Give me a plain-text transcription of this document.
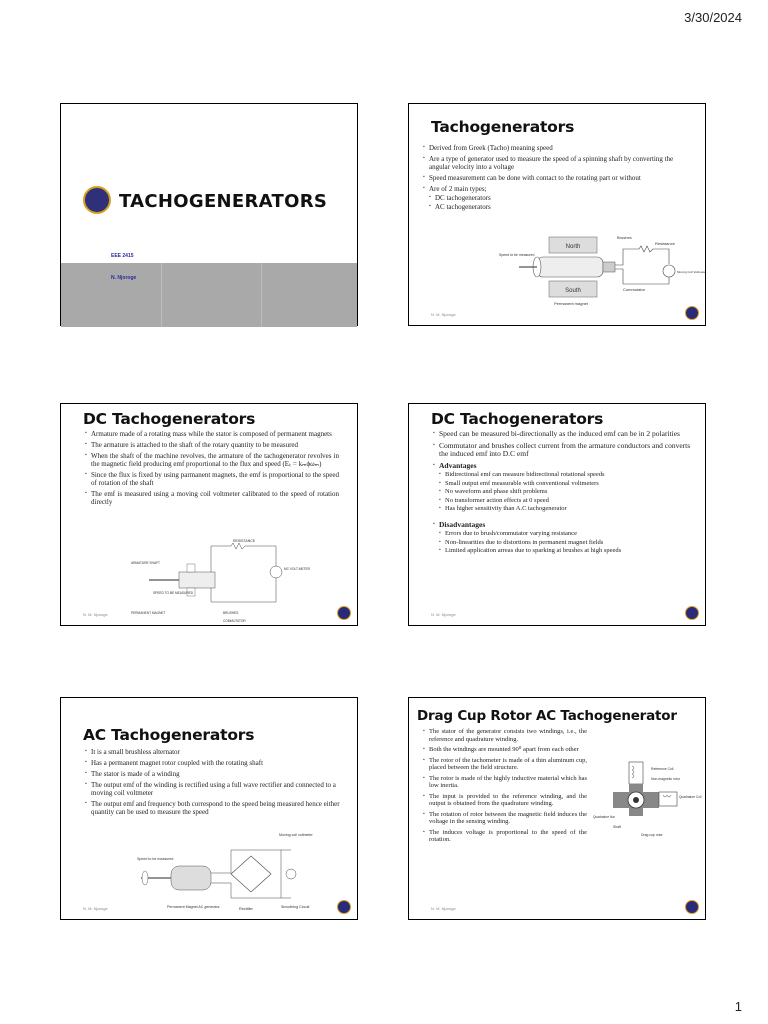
3/30/2024
TACHOGENERATORS
EEE 2415
N. Njoroge
Tachogenerators
▪ Derived from Greek (Tacho) meaning speed
▪ Are a type of generator used to measure the speed of a spinning shaft by converting the angular velocity into a voltage
▪ Speed measurement can be done with contact to the rotating part or without
▪ Are of 2 main types;
▪ DC tachogenerators
▪ AC tachogenerators
North
South
Brushes
Resistance
Speed to be measured
Moving Coil Voltmeter
Commutator
Permanent magnet
N. M. Njoroge
DC Tachogenerators
▪ Armature made of a rotating mass while the stator is composed of permanent magnets
▪ The armature is attached to the shaft of the rotary quantity to be measured
▪ When the shaft of the machine revolves, the armature of the tachogenerator revolves in the magnetic field producing emf proportional to the flux and speed (Eₜ = kₘϕωₘ)
▪ Since the flux is fixed by using parmanent magnets, the emf is proportional to the speed of rotation of the shaft
▪ The emf is measured using a moving coil voltmeter calibrated to the speed of rotation directly
RESISTANCE
MC VOLT-METER
ARMATURE SHAFT
SPEED TO BE MEASURED
PERMANENT MAGNET	BRUSHES
COMMUTATOR
N. M. Njoroge
DC Tachogenerators
▪ Speed can be measured bi-directionally as the induced emf can be in 2 polarities
▪ Commutator and brushes collect current from the armature conductors and converts the induced emf into D.C emf
▪ Advantages
▪ Bidirectional emf can measure bidirectional rotational speeds
▪ Small output emf measurable with conventional voltmeters
▪ No waveform and phase shift problems
▪ No transformer action effects at 0 speed
▪ Has higher sensitivity than A.C tachogenerator
▪ Disadvantages
▪ Errors due to brush/commutator varying resistance
▪ Non-linearities due to distortions in permanent magnet fields
▪ Limited application arreas due to sparking at brushes at high speeds
N. M. Njoroge
AC Tachogenerators
▪ It is a small brushless alternator
▪ Has a permanent magnet rotor coupled with the rotating shaft
▪ The stator is made of a winding
▪ The output emf of the winding is rectified using a full wave rectifier and connected to a moving coil voltmeter
▪ The output emf and frequency both correspond to the speed being measured hence either quantity can be used to measure the speed
Moving coil voltmeter
Speed to be measured
Permanent Magnet AC generator	Rectifier	Smoothing Circuit
N. M. Njoroge
Drag Cup Rotor AC Tachogenerator
▪ The stator of the generator consists two windings, i.e., the reference and quadrature winding.
▪ Both the windings are mounted 90⁰ apart from each other
▪ The rotor of the tachometer is made of a thin aluminum cup, placed between the field structure.
▪ The rotor is made of the highly inductive material which has low inertia.
▪ The input is provided to the reference winding, and the output is obtained from the quadrature winding.
▪ The rotation of rotor between the magnetic field induces the voltage in the sensing winding.
▪ The induces voltage is proportional to the speed of the rotation.
Reference Coil
Non-magnetic rotor
Quadrature Coil
Quadrature flux
Shaft
Drag cup rotor
N. M. Njoroge
1
